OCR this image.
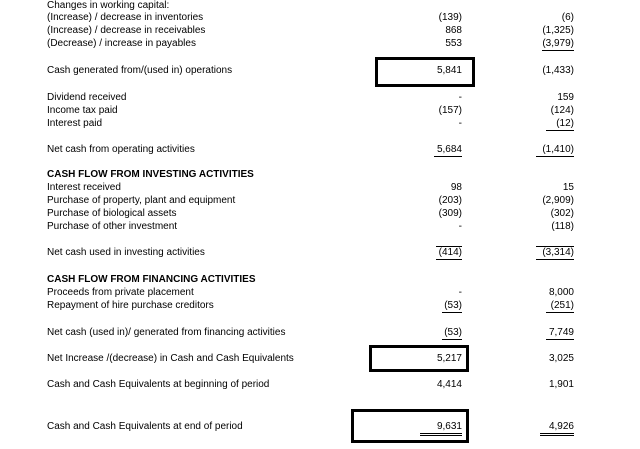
Changes in working capital:
(Increase) / decrease in inventories	(139)	(6)
(Increase) / decrease in receivables	868	(1,325)
(Decrease) / increase in payables	553	(3,979)
Cash generated from/(used in) operations	5,841	(1,433)
Dividend received	-	159
Income tax paid	(157)	(124)
Interest paid	-	(12)
Net cash from operating activities	5,684	(1,410)
CASH FLOW FROM INVESTING ACTIVITIES
Interest received	98	15
Purchase of property, plant and equipment	(203)	(2,909)
Purchase of biological assets	(309)	(302)
Purchase of other investment	-	(118)
Net cash used in investing activities	(414)	(3,314)
CASH FLOW FROM FINANCING ACTIVITIES
Proceeds from private placement	-	8,000
Repayment of hire purchase creditors	(53)	(251)
Net cash (used in)/ generated from financing activities	(53)	7,749
Net Increase /(decrease) in Cash and Cash Equivalents	5,217	3,025
Cash and Cash Equivalents at beginning of period	4,414	1,901
Cash and Cash Equivalents at end of period	9,631	4,926
